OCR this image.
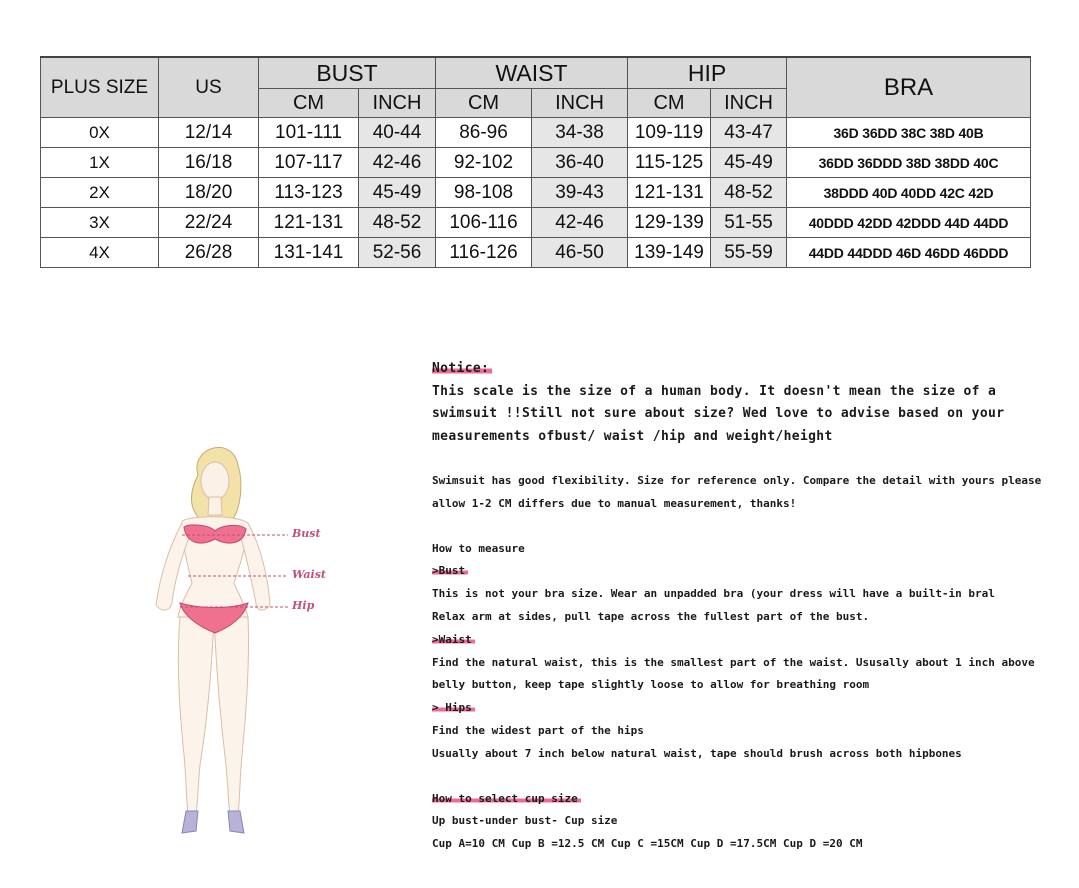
PLUS SIZE	US	BUST		WAIST		HIP		BRA
		CM	INCH	CM	INCH	CM	INCH	
0X	12/14	101-111	40-44	86-96	34-38	109-119	43-47	36D 36DD 38C 38D 40B
1X	16/18	107-117	42-46	92-102	36-40	115-125	45-49	36DD 36DDD 38D 38DD 40C
2X	18/20	113-123	45-49	98-108	39-43	121-131	48-52	38DDD 40D 40DD 42C 42D
3X	22/24	121-131	48-52	106-116	42-46	129-139	51-55	40DDD 42DD 42DDD 44D 44DD
4X	26/28	131-141	52-56	116-126	46-50	139-149	55-59	44DD 44DDD 46D 46DD 46DDD
Bust
Waist
Hip

Notice:

This scale is the size of a human body. It doesn't mean the size of a

swimsuit !!Still not sure about size? Wed love to advise based on your

measurements ofbust/ waist /hip and weight/height

Swimsuit has good flexibility. Size for reference only. Compare the detail with yours please

allow 1-2 CM differs due to manual measurement, thanks!

How to measure

>Bust

This is not your bra size. Wear an unpadded bra (your dress will have a built-in bral

Relax arm at sides, pull tape across the fullest part of the bust.

>Waist

Find the natural waist, this is the smallest part of the waist. Ususally about 1 inch above

belly button, keep tape slightly loose to allow for breathing room

> Hips

Find the widest part of the hips

Usually about 7 inch below natural waist, tape should brush across both hipbones

How to select cup size

Up bust-under bust- Cup size

Cup A=10 CM Cup B =12.5 CM Cup C =15CM Cup D =17.5CM Cup D =20 CM
